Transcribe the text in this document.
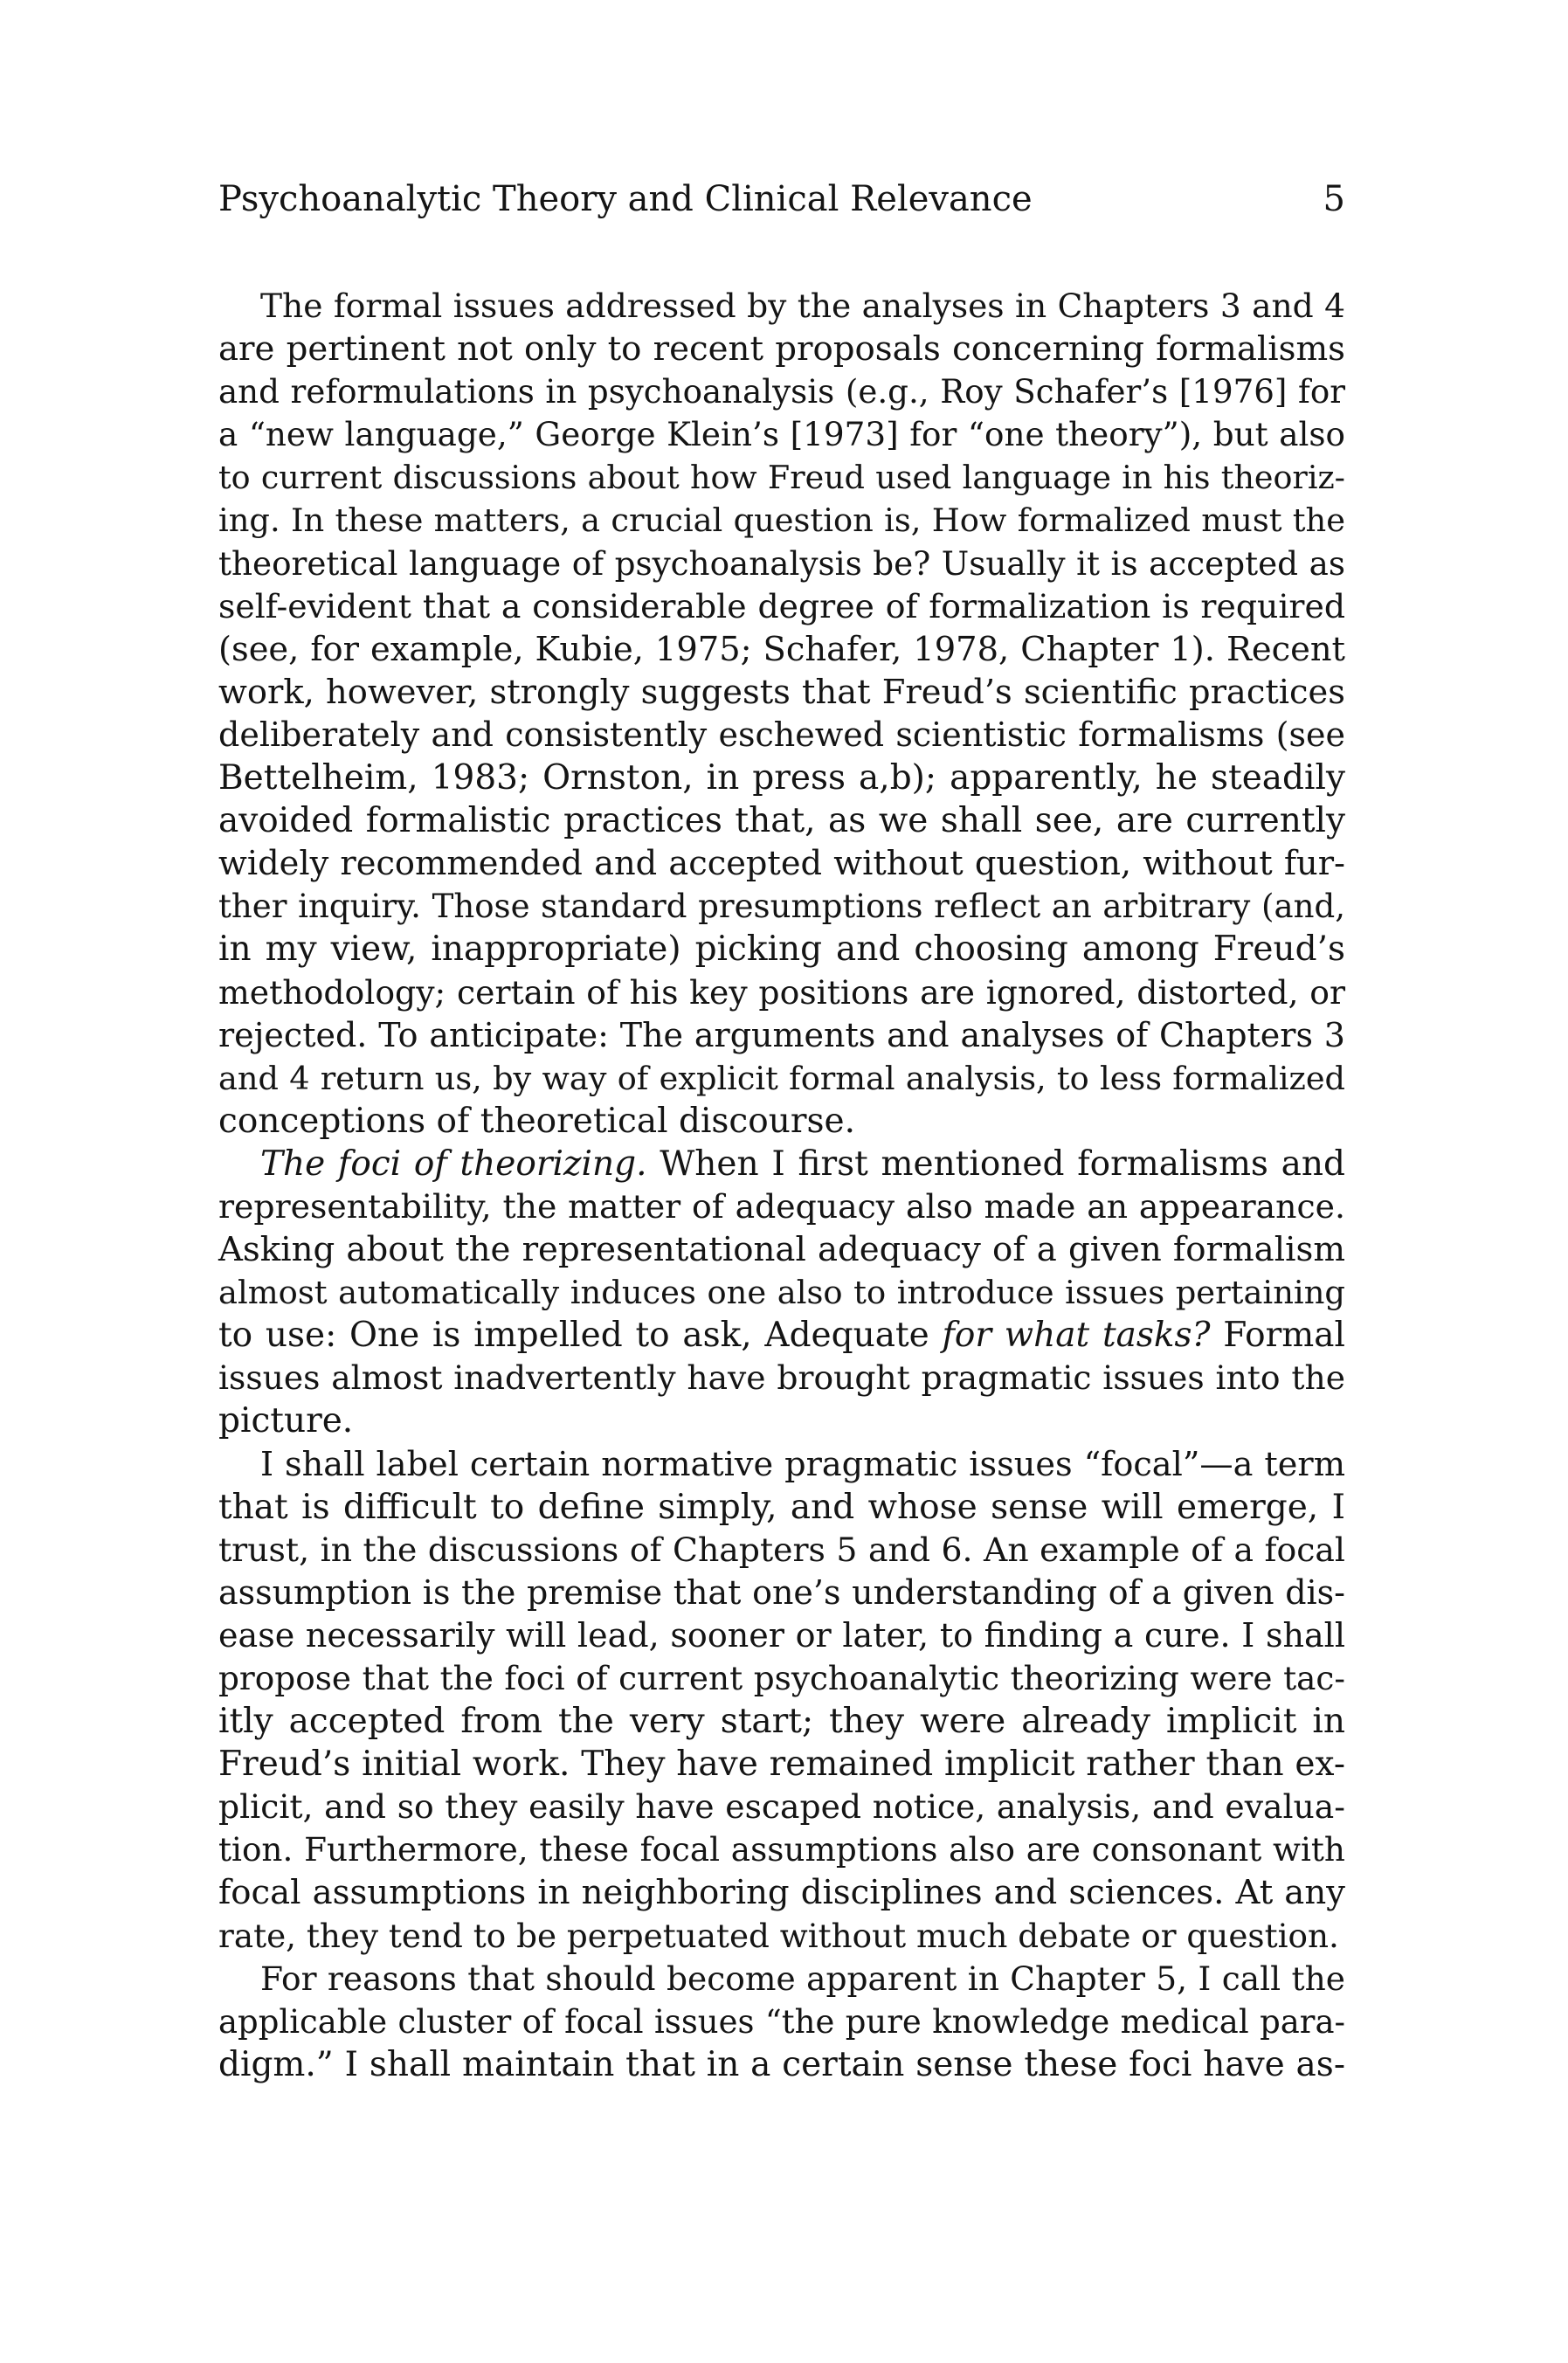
Psychoanalytic Theory and Clinical Relevance	5
The formal issues addressed by the analyses in Chapters 3 and 4
are pertinent not only to recent proposals concerning formalisms
and reformulations in psychoanalysis (e.g., Roy Schafer’s [1976] for
a “new language,” George Klein’s [1973] for “one theory”), but also
to current discussions about how Freud used language in his theoriz-
ing. In these matters, a crucial question is, How formalized must the
theoretical language of psychoanalysis be? Usually it is accepted as
self-evident that a considerable degree of formalization is required
(see, for example, Kubie, 1975; Schafer, 1978, Chapter 1). Recent
work, however, strongly suggests that Freud’s scientific practices
deliberately and consistently eschewed scientistic formalisms (see
Bettelheim, 1983; Ornston, in press a,b); apparently, he steadily
avoided formalistic practices that, as we shall see, are currently
widely recommended and accepted without question, without fur-
ther inquiry. Those standard presumptions reflect an arbitrary (and,
in my view, inappropriate) picking and choosing among Freud’s
methodology; certain of his key positions are ignored, distorted, or
rejected. To anticipate: The arguments and analyses of Chapters 3
and 4 return us, by way of explicit formal analysis, to less formalized
conceptions of theoretical discourse.
The foci of theorizing. When I first mentioned formalisms and
representability, the matter of adequacy also made an appearance.
Asking about the representational adequacy of a given formalism
almost automatically induces one also to introduce issues pertaining
to use: One is impelled to ask, Adequate for what tasks? Formal
issues almost inadvertently have brought pragmatic issues into the
picture.
I shall label certain normative pragmatic issues “focal”—a term
that is difficult to define simply, and whose sense will emerge, I
trust, in the discussions of Chapters 5 and 6. An example of a focal
assumption is the premise that one’s understanding of a given dis-
ease necessarily will lead, sooner or later, to finding a cure. I shall
propose that the foci of current psychoanalytic theorizing were tac-
itly accepted from the very start; they were already implicit in
Freud’s initial work. They have remained implicit rather than ex-
plicit, and so they easily have escaped notice, analysis, and evalua-
tion. Furthermore, these focal assumptions also are consonant with
focal assumptions in neighboring disciplines and sciences. At any
rate, they tend to be perpetuated without much debate or question.
For reasons that should become apparent in Chapter 5, I call the
applicable cluster of focal issues “the pure knowledge medical para-
digm.” I shall maintain that in a certain sense these foci have as-
